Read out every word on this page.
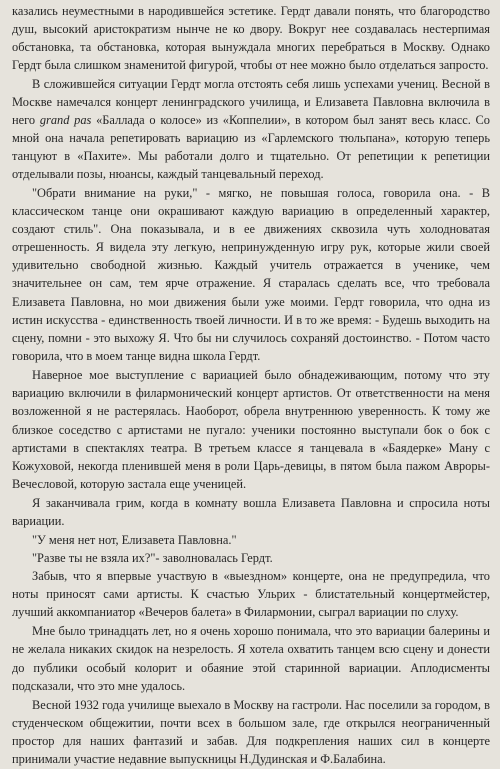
казались неуместными в народившейся эстетике. Гердт давали понять, что благородство душ, высокий аристократизм нынче не ко двору. Вокруг нее создавалась нестерпимая обстановка, та обстановка, которая вынуждала многих перебраться в Москву. Однако Гердт была слишком знаменитой фигурой, чтобы от нее можно было отделаться запросто.

В сложившейся ситуации Гердт могла отстоять себя лишь успехами учениц. Весной в Москве намечался концерт ленинградского училища, и Елизавета Павловна включила в него grand pas «Баллада о колосе» из «Коппелии», в котором был занят весь класс. Со мной она начала репетировать вариацию из «Гарлемского тюльпана», которую теперь танцуют в «Пахите». Мы работали долго и тщательно. От репетиции к репетиции отделывали позы, нюансы, каждый танцевальный переход.

"Обрати внимание на руки," - мягко, не повышая голоса, говорила она. - В классическом танце они окрашивают каждую вариацию в определенный характер, создают стиль". Она показывала, и в ее движениях сквозила чуть холодноватая отрешенность. Я видела эту легкую, непринужденную игру рук, которые жили своей удивительно свободной жизнью. Каждый учитель отражается в ученике, чем значительнее он сам, тем ярче отражение. Я старалась сделать все, что требовала Елизавета Павловна, но мои движения были уже моими. Гердт говорила, что одна из истин искусства - единственность твоей личности. И в то же время: - Будешь выходить на сцену, помни - это выхожу Я. Что бы ни случилось сохраняй достоинство. - Потом часто говорила, что в моем танце видна школа Гердт.

Наверное мое выступление с вариацией было обнадеживающим, потому что эту вариацию включили в филармонический концерт артистов. От ответственности на меня возложенной я не растерялась. Наоборот, обрела внутреннюю уверенность. К тому же близкое соседство с артистами не пугало: ученики постоянно выступали бок о бок с артистами в спектаклях театра. В третьем классе я танцевала в «Баядерке» Ману с Кожуховой, некогда пленившей меня в роли Царь-девицы, в пятом была пажом Авроры-Вечесловой, которую застала еще ученицей.

Я заканчивала грим, когда в комнату вошла Елизавета Павловна и спросила ноты вариации.

"У меня нет нот, Елизавета Павловна."

"Разве ты не взяла их?"- заволновалась Гердт.

Забыв, что я впервые участвую в «выездном» концерте, она не предупредила, что ноты приносят сами артисты. К счастью Ульрих - блистательный концертмейстер, лучший аккомпаниатор «Вечеров балета» в Филармонии, сыграл вариации по слуху.

Мне было тринадцать лет, но я очень хорошо понимала, что это вариации балерины и не желала никаких скидок на незрелость. Я хотела охватить танцем всю сцену и донести до публики особый колорит и обаяние этой старинной вариации. Аплодисменты подсказали, что это мне удалось.

Весной 1932 года училище выехало в Москву на гастроли. Нас поселили за городом, в студенческом общежитии, почти всех в большом зале, где открылся неограниченный простор для наших фантазий и забав. Для подкрепления наших сил в концерте принимали участие недавние выпускницы Н.Дудинская и Ф.Балабина.
